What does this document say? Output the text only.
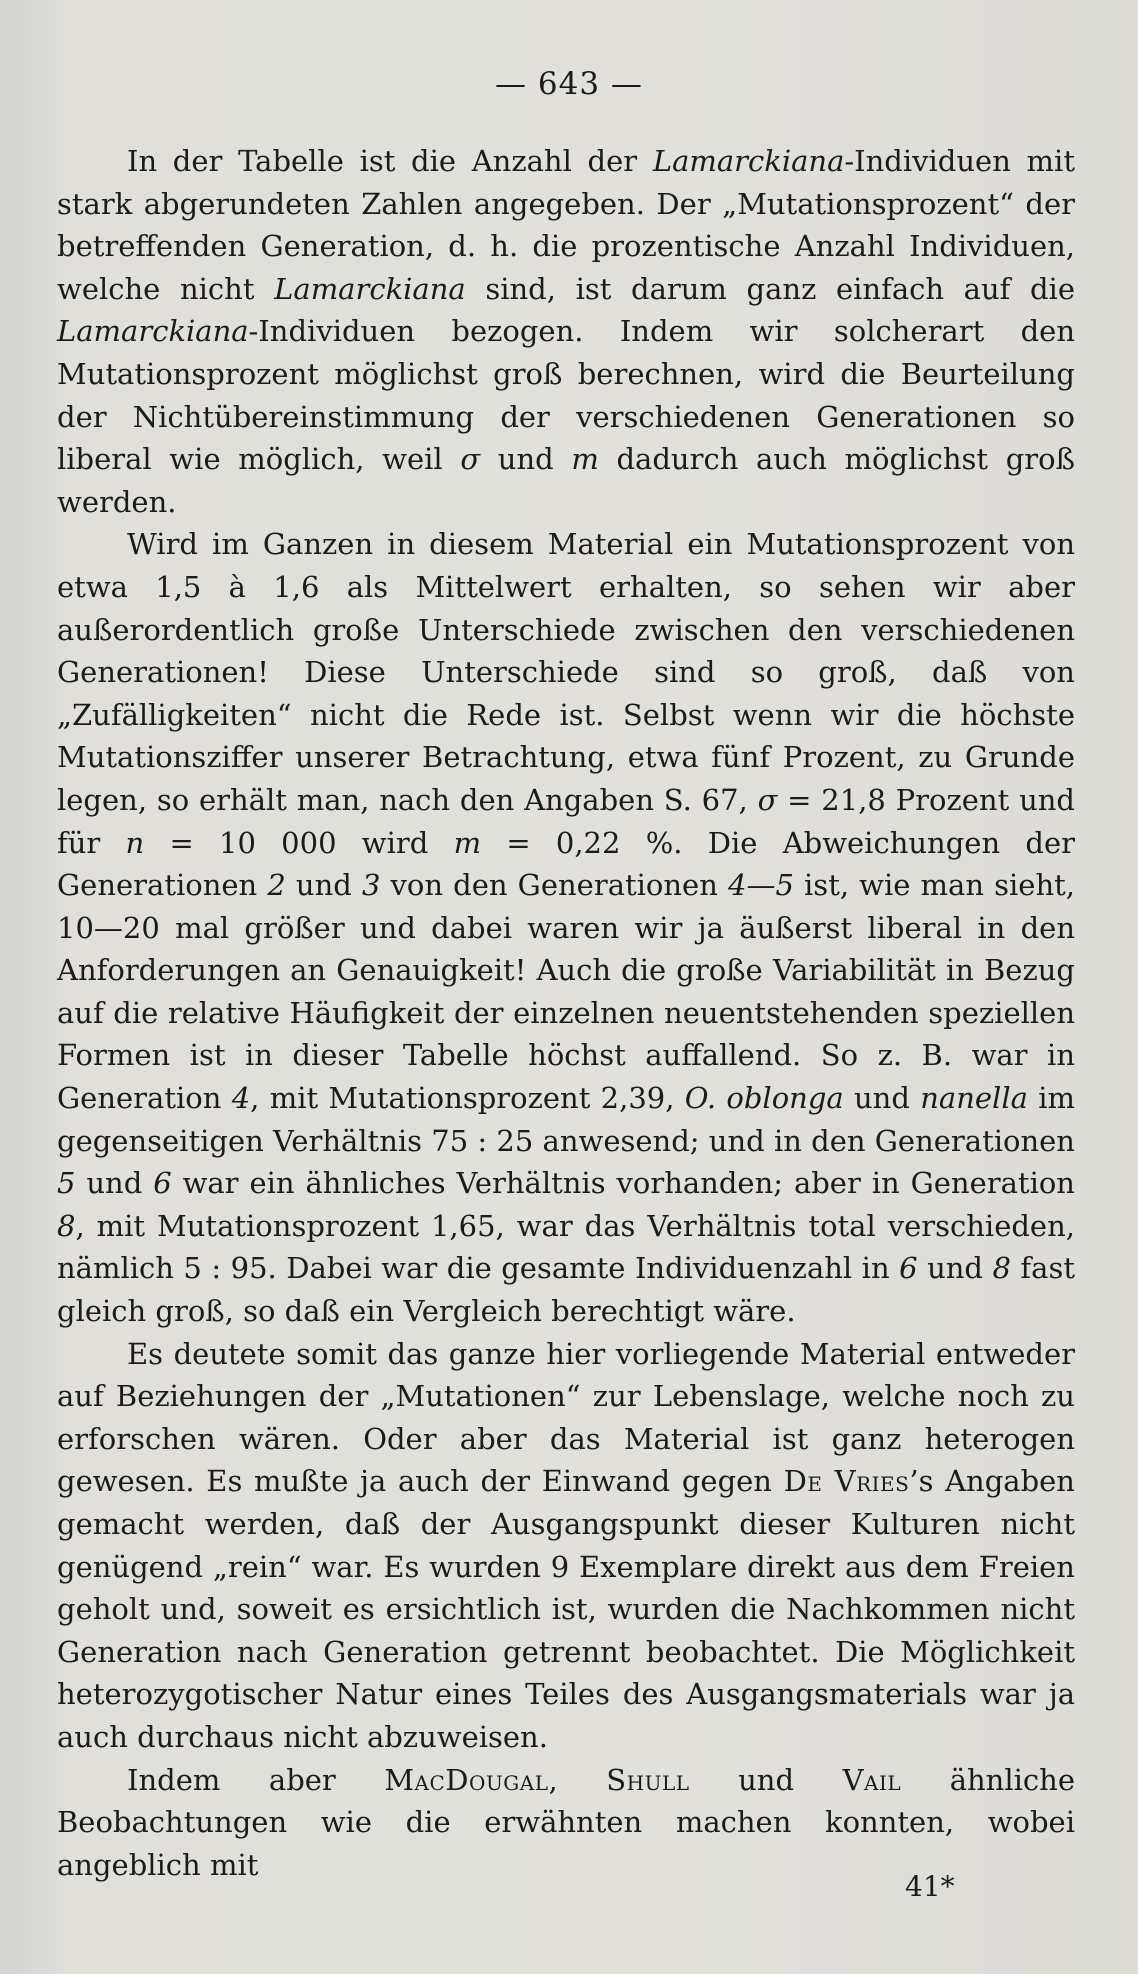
— 643 —

In der Tabelle ist die Anzahl der Lamarckiana-Individuen mit stark abgerundeten Zahlen angegeben. Der „Mutationsprozent“ der betreffenden Generation, d. h. die prozentische Anzahl Individuen, welche nicht Lamarckiana sind, ist darum ganz einfach auf die Lamarckiana-Individuen bezogen. Indem wir solcherart den Mutationsprozent möglichst groß berechnen, wird die Beurteilung der Nichtübereinstimmung der verschiedenen Generationen so liberal wie möglich, weil σ und m dadurch auch möglichst groß werden.

Wird im Ganzen in diesem Material ein Mutationsprozent von etwa 1,5 à 1,6 als Mittelwert erhalten, so sehen wir aber außerordentlich große Unterschiede zwischen den verschiedenen Generationen! Diese Unterschiede sind so groß, daß von „Zufälligkeiten“ nicht die Rede ist. Selbst wenn wir die höchste Mutationsziffer unserer Betrachtung, etwa fünf Prozent, zu Grunde legen, so erhält man, nach den Angaben S. 67, σ = 21,8 Prozent und für n = 10 000 wird m = 0,22 %. Die Abweichungen der Generationen 2 und 3 von den Generationen 4—5 ist, wie man sieht, 10—20 mal größer und dabei waren wir ja äußerst liberal in den Anforderungen an Genauigkeit! Auch die große Variabilität in Bezug auf die relative Häufigkeit der einzelnen neuentstehenden speziellen Formen ist in dieser Tabelle höchst auffallend. So z. B. war in Generation 4, mit Mutationsprozent 2,39, O. oblonga und nanella im gegenseitigen Verhältnis 75 : 25 anwesend; und in den Generationen 5 und 6 war ein ähnliches Verhältnis vorhanden; aber in Generation 8, mit Mutationsprozent 1,65, war das Verhältnis total verschieden, nämlich 5 : 95. Dabei war die gesamte Individuenzahl in 6 und 8 fast gleich groß, so daß ein Vergleich berechtigt wäre.

Es deutete somit das ganze hier vorliegende Material entweder auf Beziehungen der „Mutationen“ zur Lebenslage, welche noch zu erforschen wären. Oder aber das Material ist ganz heterogen gewesen. Es mußte ja auch der Einwand gegen De Vries’s Angaben gemacht werden, daß der Ausgangspunkt dieser Kulturen nicht genügend „rein“ war. Es wurden 9 Exemplare direkt aus dem Freien geholt und, soweit es ersichtlich ist, wurden die Nachkommen nicht Generation nach Generation getrennt beobachtet. Die Möglichkeit heterozygotischer Natur eines Teiles des Ausgangsmaterials war ja auch durchaus nicht abzuweisen.

Indem aber MacDougal, Shull und Vail ähnliche Beobachtungen wie die erwähnten machen konnten, wobei angeblich mit

41*
